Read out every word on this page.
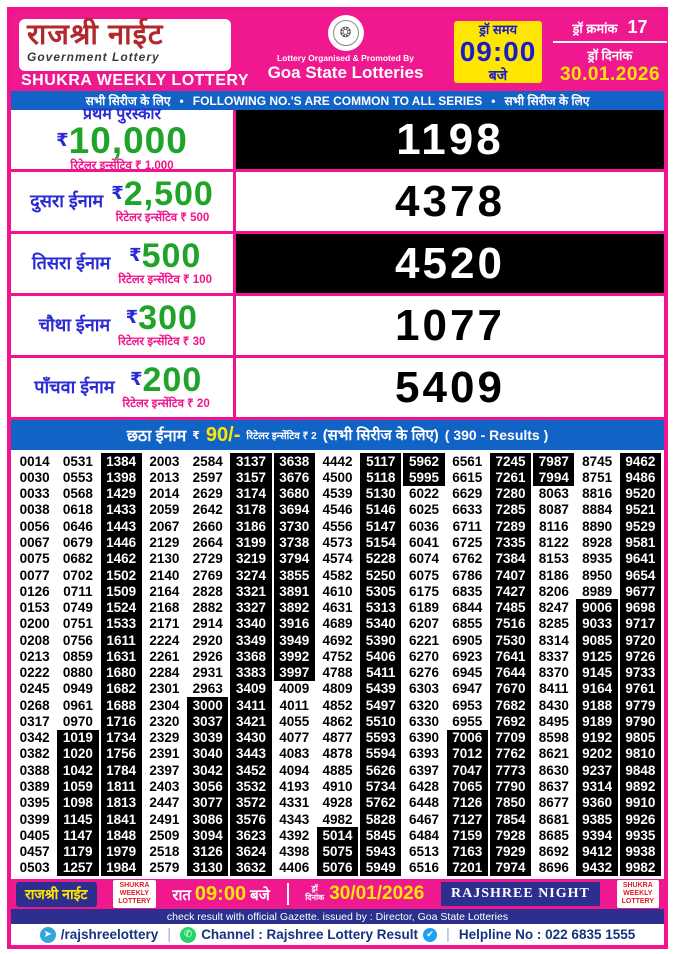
राजश्री नाईट
Government Lottery
SHUKRA WEEKLY LOTTERY
❂
Lottery Organised & Promoted By
Goa State Lotteries
ड्रॉ समय
09:00
बजे
ड्रॉ क्रमांक 17
ड्रॉ दिनांक
30.01.2026
सभी सिरीज के लिए • FOLLOWING NO.'S ARE COMMON TO ALL SERIES • सभी सिरीज के लिए
प्रथम पुरस्कार
₹ 10,000
रिटेलर इन्सेंटिव ₹ 1,000
1198
दुसरा ईनाम ₹ 2,500
रिटेलर इन्सेंटिव ₹ 500	4378
तिसरा ईनाम ₹ 500
रिटेलर इन्सेंटिव ₹ 100	4520
चौथा ईनाम ₹ 300
रिटेलर इन्सेंटिव ₹ 30	1077
पाँचवा ईनाम ₹ 200
रिटेलर इन्सेंटिव ₹ 20	5409
छठा ईनाम ₹ 90/- रिटेलर इन्सेंटिव ₹ 2 (सभी सिरीज के लिए) ( 390 - Results )
0014 0531 1384 2003 2584 3137 3638 4442	5117	5962 6561 7245 7987 8745 9462
0030 0553 1398 2013 2597 3157 3676 4500	5118	5995 6615 7261 7994 8751 9486
0033 0568 1429 2014 2629 3174 3680 4539 5130 6022 6629 7280 8063 8816 9520
0038 0618 1433 2059 2642 3178 3694 4546 5146 6025 6633 7285 8087 8884 9521
0056 0646 1443 2067 2660 3186 3730 4556 5147 6036	6711	7289	8116	8890 9529
0067 0679 1446 2129 2664 3199 3738 4573 5154 6041 6725 7335 8122 8928 9581
0075 0682 1462 2130 2729 3219 3794 4574 5228 6074 6762 7384 8153 8935 9641
0077 0702 1502 2140 2769 3274 3855 4582 5250 6075 6786 7407 8186 8950 9654
0126	0711	1509 2164 2828 3321 3891 4610 5305 6175 6835 7427 8206 8989 9677
0153 0749 1524 2168 2882 3327 3892 4631 5313 6189 6844 7485 8247 9006 9698
0200 0751 1533 2171 2914 3340 3916 4689 5340 6207 6855 7516 8285 9033 9717
0208 0756	1611	2224 2920 3349 3949 4692 5390 6221 6905 7530 8314 9085 9720
0213 0859 1631 2261 2926 3368 3992 4752 5406 6270 6923 7641 8337 9125 9726
0222 0880 1680 2284 2931 3383 3997 4788	5411	6276 6945 7644 8370 9145 9733
0245 0949 1682 2301 2963 3409 4009 4809 5439 6303 6947 7670	8411	9164 9761
0268 0961 1688 2304 3000	3411	4011	4852 5497 6320 6953 7682 8430 9188 9779
0317 0970 1716 2320 3037 3421 4055 4862 5510 6330 6955 7692 8495 9189 9790
0342 1019 1734 2329 3039 3430 4077 4877 5593 6390 7006 7709 8598 9192 9805
0382 1020 1756 2391 3040 3443 4083 4878 5594 6393 7012 7762 8621 9202 9810
0388 1042 1784 2397 3042 3452 4094 4885 5626 6397 7047 7773 8630 9237 9848
0389 1059	1811	2403 3056 3532 4193 4910 5734 6428 7065 7790 8637 9314 9892
0395 1098 1813 2447 3077 3572 4331 4928 5762 6448 7126 7850 8677 9360 9910
0399	1145	1841 2491 3086 3576 4343 4982 5828 6467 7127 7854 8681 9385 9926
0405	1147	1848 2509 3094 3623 4392 5014 5845 6484 7159 7928 8685 9394 9935
0457	1179	1979 2518 3126 3624 4398 5075 5943 6513 7163 7929 8692 9412 9938
0503 1257 1984 2579 3130 3632 4406 5076 5949 6516 7201 7974 8696 9432 9982
राजश्री नाईट	SHUKRA
WEEKLY
LOTTERY	रात 09:00 बजे	ड्रॉ
दिनांक 30/01/2026	RAJSHREE NIGHT
SHUKRA
WEEKLY
LOTTERY
check result with official Gazette. issued by : Director, Goa State Lotteries
➤ /rajshreelottery |	✆ Channel : Rajshree Lottery Result ✔ | Helpline No : 022 6835 1555
